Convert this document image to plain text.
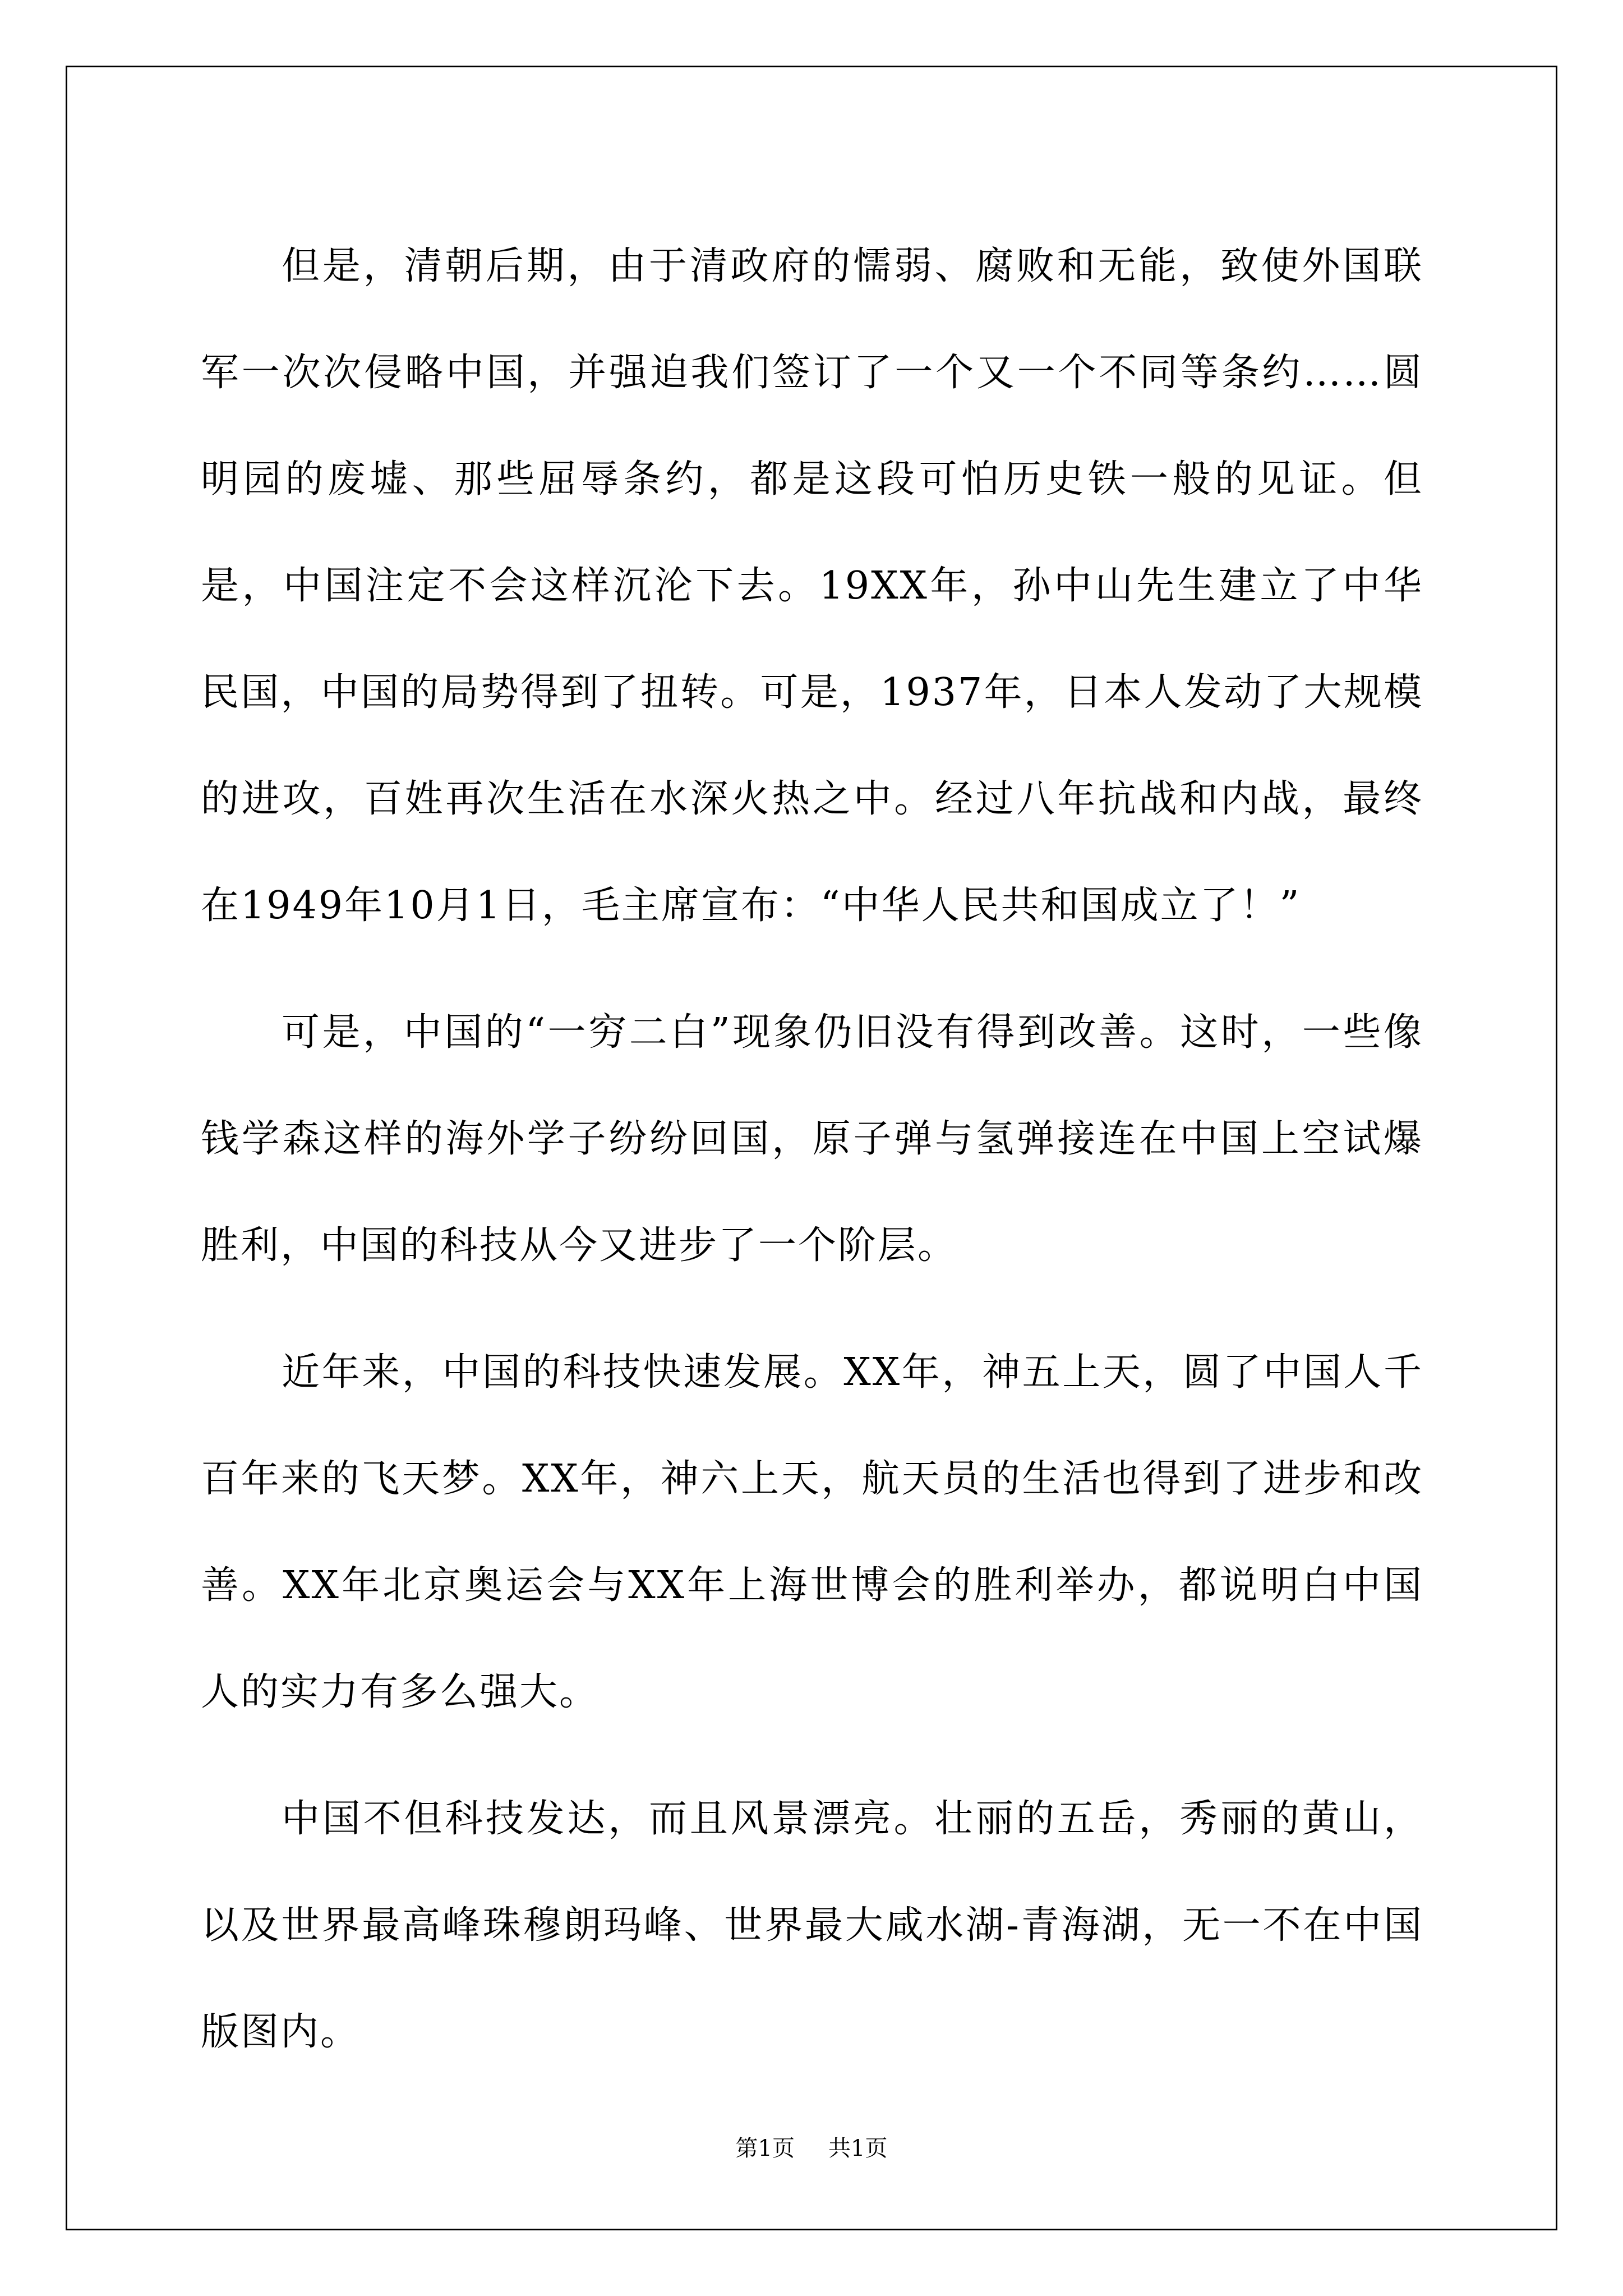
但是，清朝后期，由于清政府的懦弱、腐败和无能，致使外国联军一次次侵略中国，并强迫我们签订了一个又一个不同等条约……圆明园的废墟、那些屈辱条约，都是这段可怕历史铁一般的见证。但是，中国注定不会这样沉沦下去。19XX年，孙中山先生建立了中华民国，中国的局势得到了扭转。可是，1937年，日本人发动了大规模的进攻，百姓再次生活在水深火热之中。经过八年抗战和内战，最终在1949年10月1日，毛主席宣布：“中华人民共和国成立了！”

可是，中国的“一穷二白”现象仍旧没有得到改善。这时，一些像钱学森这样的海外学子纷纷回国，原子弹与氢弹接连在中国上空试爆胜利，中国的科技从今又进步了一个阶层。

近年来，中国的科技快速发展。XX年，神五上天，圆了中国人千百年来的飞天梦。XX年，神六上天，航天员的生活也得到了进步和改善。XX年北京奥运会与XX年上海世博会的胜利举办，都说明白中国人的实力有多么强大。

中国不但科技发达，而且风景漂亮。壮丽的五岳，秀丽的黄山，以及世界最高峰珠穆朗玛峰、世界最大咸水湖-青海湖，无一不在中国版图内。

第1页 共1页
